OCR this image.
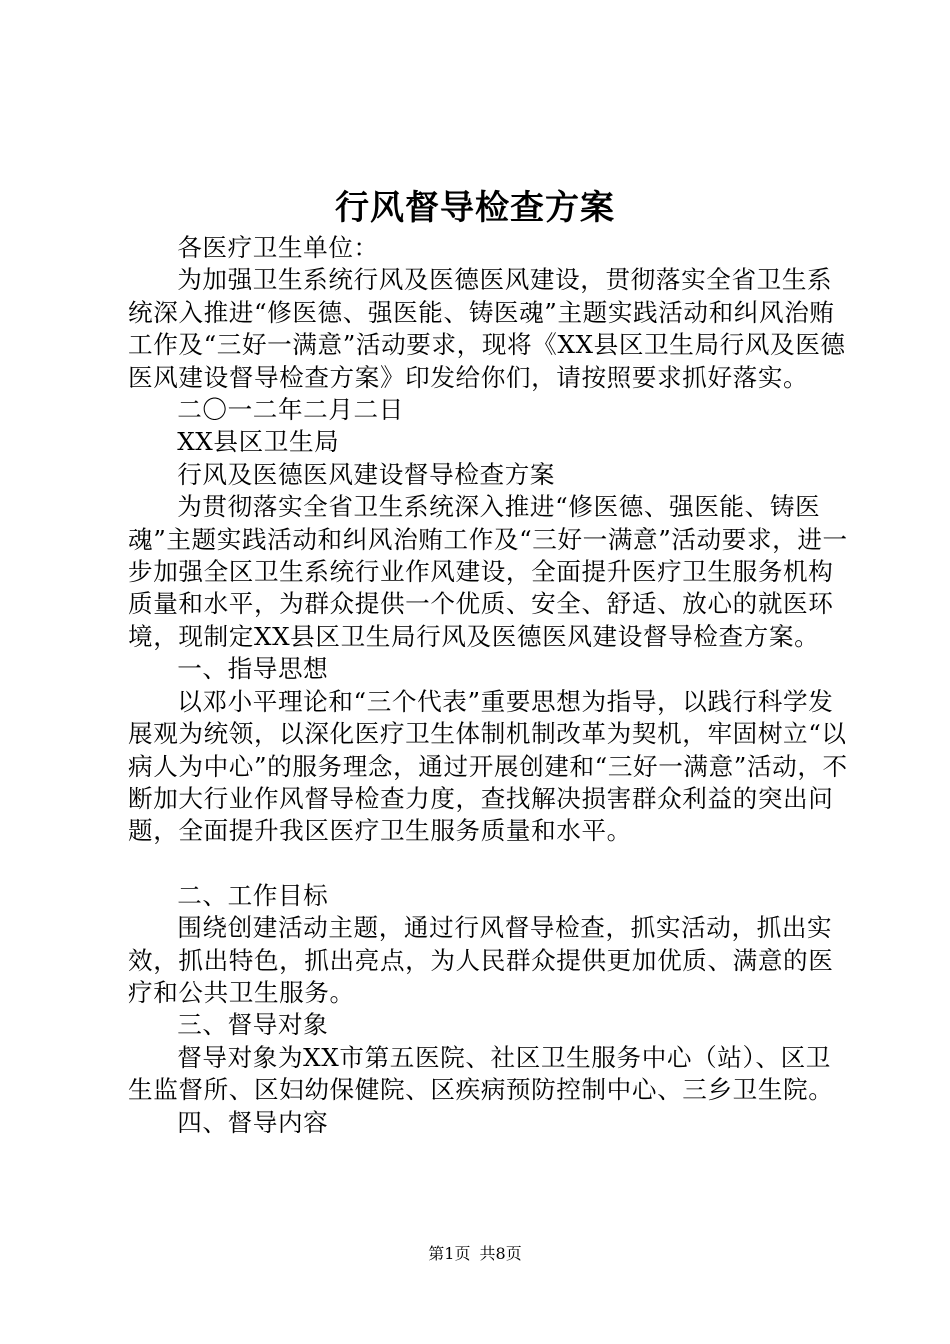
行风督导检查方案

各医疗卫生单位：

为加强卫生系统行风及医德医风建设，贯彻落实全省卫生系统深入推进“修医德、强医能、铸医魂”主题实践活动和纠风治贿工作及“三好一满意”活动要求，现将《XX县区卫生局行风及医德医风建设督导检查方案》印发给你们，请按照要求抓好落实。

二〇一二年二月二日

XX县区卫生局

行风及医德医风建设督导检查方案

为贯彻落实全省卫生系统深入推进“修医德、强医能、铸医魂”主题实践活动和纠风治贿工作及“三好一满意”活动要求，进一步加强全区卫生系统行业作风建设，全面提升医疗卫生服务机构质量和水平，为群众提供一个优质、安全、舒适、放心的就医环境，现制定XX县区卫生局行风及医德医风建设督导检查方案。

一、指导思想

以邓小平理论和“三个代表”重要思想为指导，以践行科学发展观为统领，以深化医疗卫生体制机制改革为契机，牢固树立“以病人为中心”的服务理念，通过开展创建和“三好一满意”活动，不断加大行业作风督导检查力度，查找解决损害群众利益的突出问题，全面提升我区医疗卫生服务质量和水平。

二、工作目标

围绕创建活动主题，通过行风督导检查，抓实活动，抓出实效，抓出特色，抓出亮点，为人民群众提供更加优质、满意的医疗和公共卫生服务。

三、督导对象

督导对象为XX市第五医院、社区卫生服务中心（站）、区卫生监督所、区妇幼保健院、区疾病预防控制中心、三乡卫生院。

四、督导内容

第1页 共8页
